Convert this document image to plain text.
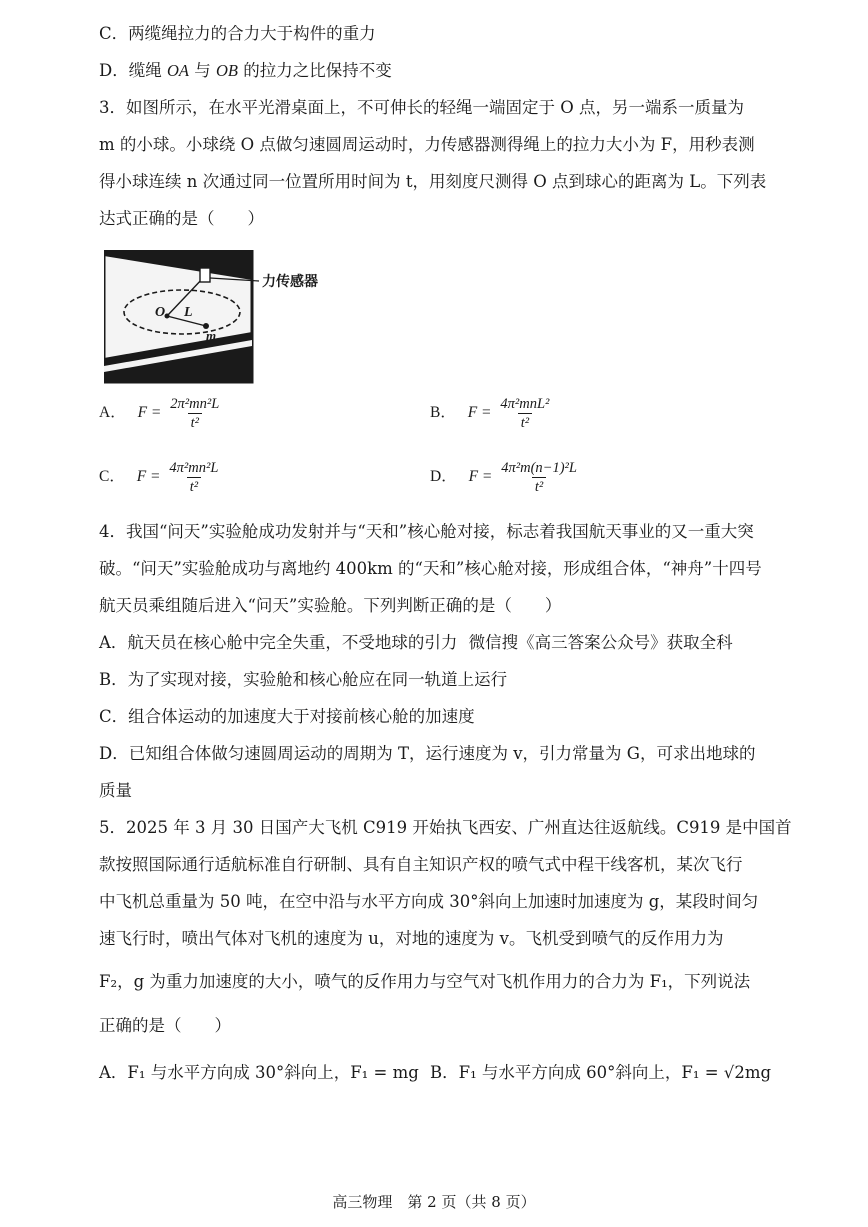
C．两缆绳拉力的合力大于构件的重力
D．缆绳 OA 与 OB 的拉力之比保持不变
3．如图所示，在水平光滑桌面上，不可伸长的轻绳一端固定于 O 点，另一端系一质量为
m 的小球。小球绕 O 点做匀速圆周运动时，力传感器测得绳上的拉力大小为 F，用秒表测
得小球连续 n 次通过同一位置所用时间为 t，用刻度尺测得 O 点到球心的距离为 L。下列表
达式正确的是（　　）
O L
m
力传感器
A． $F = \frac{\text{2π²mn²L}}{\text{t²}}$	B． $F = \frac{\text{4π²mnL²}}{\text{t²}}$
C． $F = \frac{\text{4π²mn²L}}{\text{t²}}$	D． $F = \frac{\text{4π²m(n−1)²L}}{\text{t²}}$
4．我国“问天”实验舱成功发射并与“天和”核心舱对接，标志着我国航天事业的又一重大突
破。“问天”实验舱成功与离地约 400km 的“天和”核心舱对接，形成组合体，“神舟”十四号
航天员乘组随后进入“问天”实验舱。下列判断正确的是（　　）
A．航天员在核心舱中完全失重，不受地球的引力 微信搜《高三答案公众号》获取全科
B．为了实现对接，实验舱和核心舱应在同一轨道上运行
C．组合体运动的加速度大于对接前核心舱的加速度
D．已知组合体做匀速圆周运动的周期为 T，运行速度为 v，引力常量为 G，可求出地球的
质量
5．2025 年 3 月 30 日国产大飞机 C919 开始执飞西安、广州直达往返航线。C919 是中国首
款按照国际通行适航标准自行研制、具有自主知识产权的喷气式中程干线客机，某次飞行
中飞机总重量为 50 吨，在空中沿与水平方向成 30°斜向上加速时加速度为 g，某段时间匀
速飞行时，喷出气体对飞机的速度为 u，对地的速度为 v。飞机受到喷气的反作用力为
F₂，g 为重力加速度的大小，喷气的反作用力与空气对飞机作用力的合力为 F₁，下列说法
正确的是（　　）
A．F₁ 与水平方向成 30°斜向上，F₁ = mg B．F₁ 与水平方向成 60°斜向上，F₁ = √2mg
高三物理　第 2 页（共 8 页）
